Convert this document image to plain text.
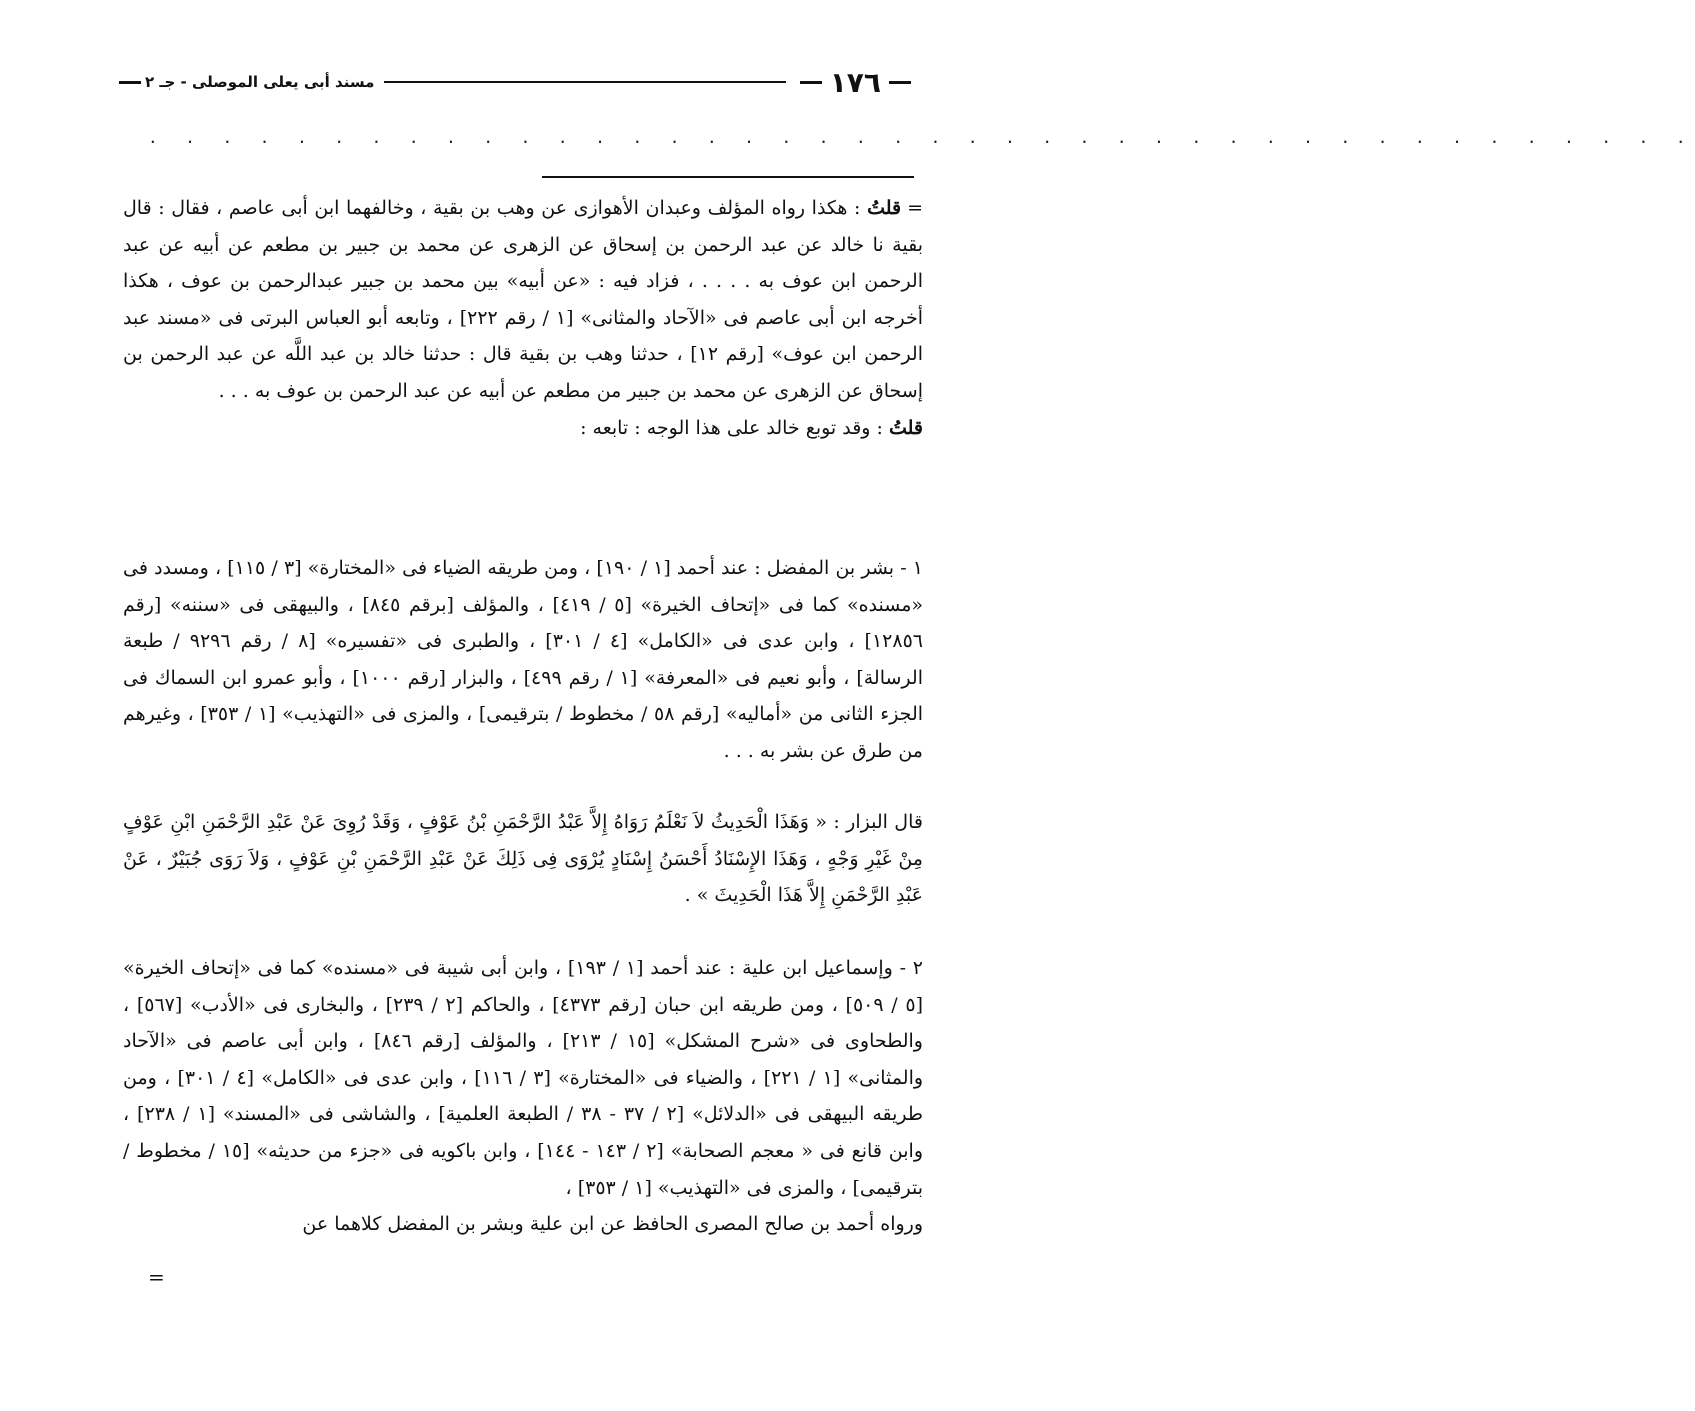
١٧٦
مسند أبى يعلى الموصلى - جـ ٢
. . . . . . . . . . . . . . . . . . . . . . . . . . . . . . . . . . . . . . . . . .

=قلتُ : هكذا رواه المؤلف وعبدان الأهوازى عن وهب بن بقية ، وخالفهما ابن أبى عاصم ، فقال : قال بقية نا خالد عن عبد الرحمن بن إسحاق عن الزهرى عن محمد بن جبير بن مطعم عن أبيه عن عبد الرحمن ابن عوف به . . . . ، فزاد فيه : «عن أبيه» بين محمد بن جبير عبدالرحمن بن عوف ، هكذا أخرجه ابن أبى عاصم فى «الآحاد والمثانى» [١ / رقم ٢٢٢] ، وتابعه أبو العباس البرتى فى «مسند عبد الرحمن ابن عوف» [رقم ١٢] ، حدثنا وهب بن بقية قال : حدثنا خالد بن عبد اللَّه عن عبد الرحمن بن إسحاق عن الزهرى عن محمد بن جبير من مطعم عن أبيه عن عبد الرحمن بن عوف به . . .

قلتُ : وقد توبع خالد على هذا الوجه : تابعه :

١ - بشر بن المفضل : عند أحمد [١ / ١٩٠] ، ومن طريقه الضياء فى «المختارة» [٣ / ١١٥] ، ومسدد فى «مسنده» كما فى «إتحاف الخيرة» [٥ / ٤١٩] ، والمؤلف [برقم ٨٤٥] ، والبيهقى فى «سننه» [رقم ١٢٨٥٦] ، وابن عدى فى «الكامل» [٤ / ٣٠١] ، والطبرى فى «تفسيره» [٨ / رقم ٩٢٩٦ / طبعة الرسالة] ، وأبو نعيم فى «المعرفة» [١ / رقم ٤٩٩] ، والبزار [رقم ١٠٠٠] ، وأبو عمرو ابن السماك فى الجزء الثانى من «أماليه» [رقم ٥٨ / مخطوط / بترقيمى] ، والمزى فى «التهذيب» [١ / ٣٥٣] ، وغيرهم من طرق عن بشر به . . .

قال البزار : « وَهَذَا الْحَدِيثُ لاَ نَعْلَمُ رَوَاهُ إِلاَّ عَبْدُ الرَّحْمَنِ بْنُ عَوْفٍ ، وَقَدْ رُوِىَ عَنْ عَبْدِ الرَّحْمَنِ ابْنِ عَوْفٍ مِنْ غَيْرِ وَجْهٍ ، وَهَذَا الإِسْنَادُ أَحْسَنُ إِسْنَادٍ يُرْوَى فِى ذَلِكَ عَنْ عَبْدِ الرَّحْمَنِ بْنِ عَوْفٍ ، وَلاَ رَوَى جُبَيْرٌ ، عَنْ عَبْدِ الرَّحْمَنِ إِلاَّ هَذَا الْحَدِيثَ » .

٢ - وإسماعيل ابن علية : عند أحمد [١ / ١٩٣] ، وابن أبى شيبة فى «مسنده» كما فى «إتحاف الخيرة» [٥ / ٥٠٩] ، ومن طريقه ابن حبان [رقم ٤٣٧٣] ، والحاكم [٢ / ٢٣٩] ، والبخارى فى «الأدب» [٥٦٧] ، والطحاوى فى «شرح المشكل» [١٥ / ٢١٣] ، والمؤلف [رقم ٨٤٦] ، وابن أبى عاصم فى «الآحاد والمثانى» [١ / ٢٢١] ، والضياء فى «المختارة» [٣ / ١١٦] ، وابن عدى فى «الكامل» [٤ / ٣٠١] ، ومن طريقه البيهقى فى «الدلائل» [٢ / ٣٧ - ٣٨ / الطبعة العلمية] ، والشاشى فى «المسند» [١ / ٢٣٨] ، وابن قانع فى « معجم الصحابة» [٢ / ١٤٣ - ١٤٤] ، وابن باكويه فى «جزء من حديثه» [١٥ / مخطوط / بترقيمى] ، والمزى فى «التهذيب» [١ / ٣٥٣] ،

ورواه أحمد بن صالح المصرى الحافظ عن ابن علية وبشر بن المفضل كلاهما عن

=
